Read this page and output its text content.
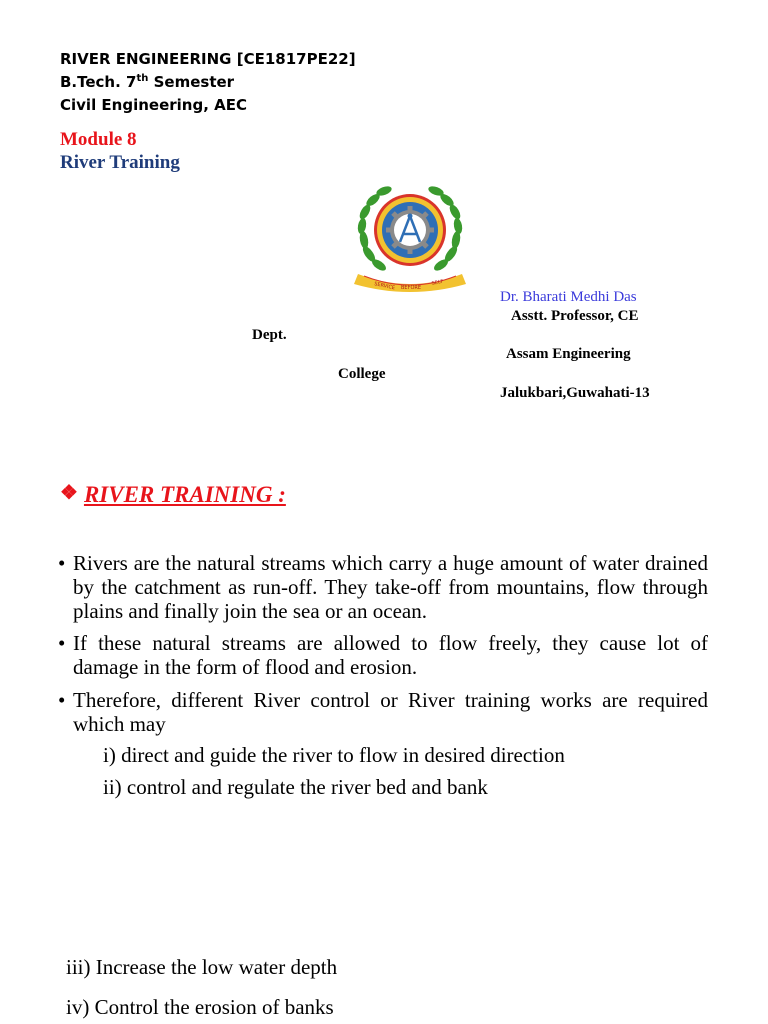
RIVER ENGINEERING [CE1817PE22]
B.Tech. 7th Semester
Civil Engineering, AEC
Module 8
River Training
SERVICE BEFORE
SELF
Dr. Bharati Medhi Das
Asstt. Professor, CE
Dept.
Assam Engineering
College
Jalukbari,Guwahati-13
❖ RIVER TRAINING :
• Rivers are the natural streams which carry a huge amount of water drained by the catchment as run-off. They take-off from mountains, flow through plains and finally join the sea or an ocean.
• If these natural streams are allowed to flow freely, they cause lot of damage in the form of flood and erosion.
• Therefore, different River control or River training works are required which may
i) direct and guide the river to flow in desired direction
ii) control and regulate the river bed and bank
iii) Increase the low water depth
iv) Control the erosion of banks
